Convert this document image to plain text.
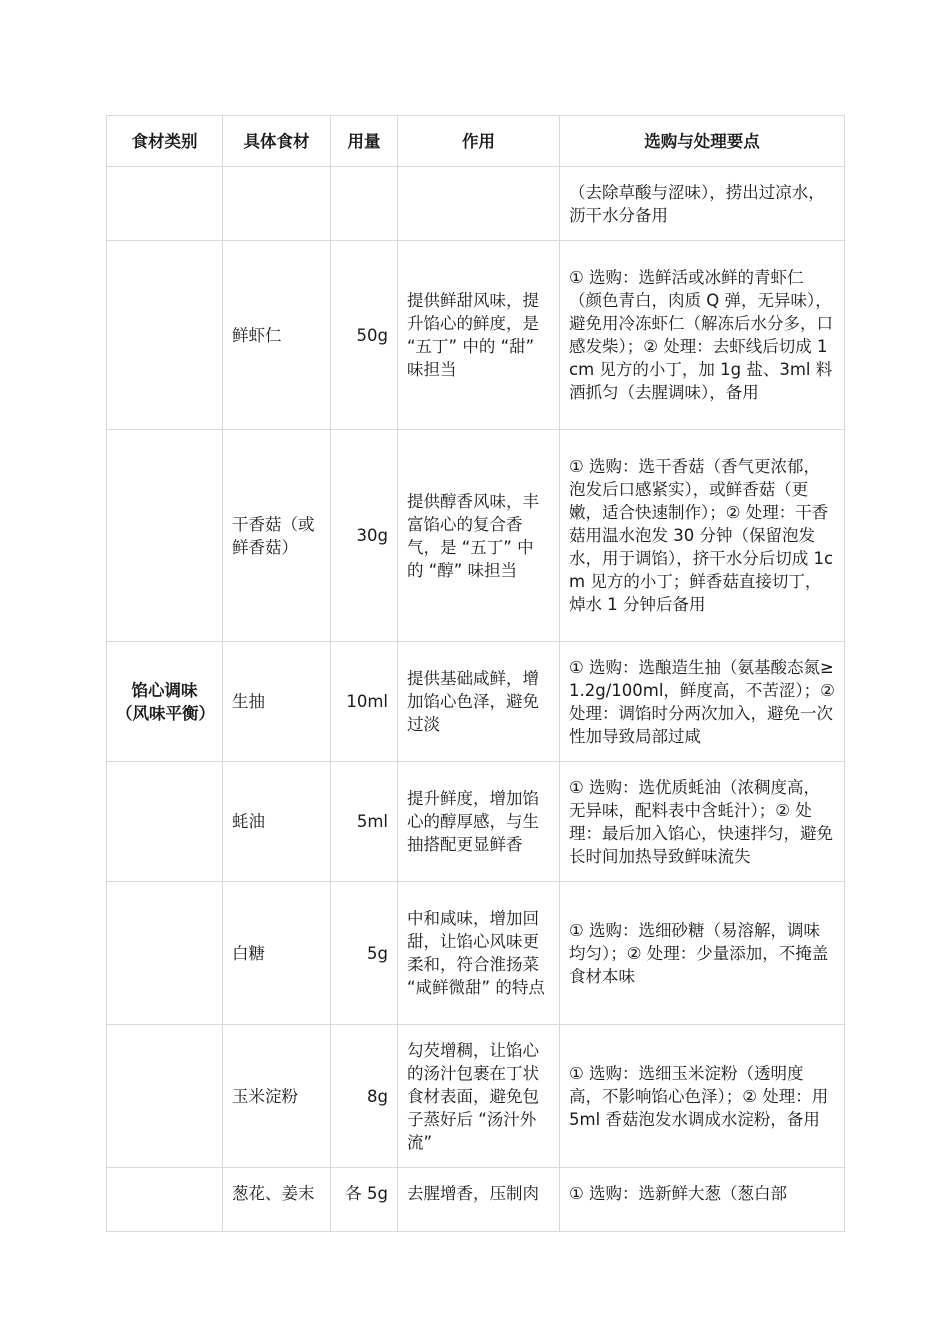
食材类别	具体食材	用量	作用	选购与处理要点
				（去除草酸与涩味），捞出过凉水，沥干水分备用
	鲜虾仁	50g	提供鲜甜风味，提升馅心的鲜度，是 “五丁” 中的 “甜” 味担当	① 选购：选鲜活或冰鲜的青虾仁（颜色青白，肉质 Q 弹，无异味），避免用冷冻虾仁（解冻后水分多，口感发柴）；② 处理：去虾线后切成 1cm 见方的小丁，加 1g 盐、3ml 料酒抓匀（去腥调味），备用
	干香菇（或鲜香菇）	30g	提供醇香风味，丰富馅心的复合香气，是 “五丁” 中的 “醇” 味担当	① 选购：选干香菇（香气更浓郁，泡发后口感紧实），或鲜香菇（更嫩，适合快速制作）；② 处理：干香菇用温水泡发 30 分钟（保留泡发水，用于调馅），挤干水分后切成 1cm 见方的小丁；鲜香菇直接切丁，焯水 1 分钟后备用
馅心调味（风味平衡）	生抽	10ml	提供基础咸鲜，增加馅心色泽，避免过淡	① 选购：选酿造生抽（氨基酸态氮≥1.2g/100ml，鲜度高，不苦涩）；② 处理：调馅时分两次加入，避免一次性加导致局部过咸
	蚝油	5ml	提升鲜度，增加馅心的醇厚感，与生抽搭配更显鲜香	① 选购：选优质蚝油（浓稠度高，无异味，配料表中含蚝汁）；② 处理：最后加入馅心，快速拌匀，避免长时间加热导致鲜味流失
	白糖	5g	中和咸味，增加回甜，让馅心风味更柔和，符合淮扬菜 “咸鲜微甜” 的特点	① 选购：选细砂糖（易溶解，调味均匀）；② 处理：少量添加，不掩盖食材本味
	玉米淀粉	8g	勾芡增稠，让馅心的汤汁包裹在丁状食材表面，避免包子蒸好后 “汤汁外流”	① 选购：选细玉米淀粉（透明度高，不影响馅心色泽）；② 处理：用 5ml 香菇泡发水调成水淀粉，备用
	葱花、姜末	各 5g	去腥增香，压制肉	① 选购：选新鲜大葱（葱白部
